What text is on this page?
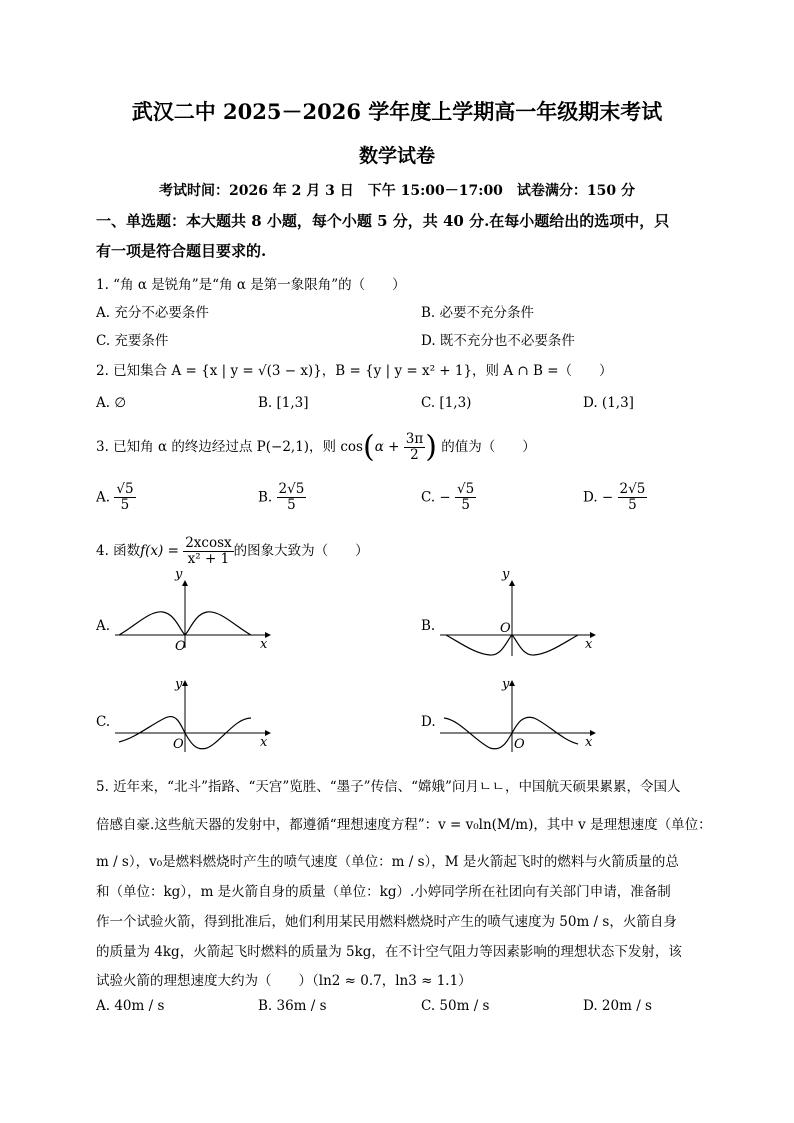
武汉二中 2025－2026 学年度上学期高一年级期末考试
数学试卷
考试时间：2026 年 2 月 3 日　下午 15:00－17:00　试卷满分：150 分
一、单选题：本大题共 8 小题，每个小题 5 分，共 40 分.在每小题给出的选项中，只
有一项是符合题目要求的.
1. “角 α 是锐角”是“角 α 是第一象限角”的（　　）
A. 充分不必要条件	B. 必要不充分条件
C. 充要条件	D. 既不充分也不必要条件
2. 已知集合 A = {x | y = √(3 − x)}，B = {y | y = x² + 1}，则 A ∩ B =（　　）
A. ∅	B. [1,3]	C. [1,3)	D. (1,3]
3. 已知角 α 的终边经过点 P(−2,1)，则 $\cos(\alpha + \frac{3\pi}{2}$ ) 的值为（　　）
A. $\frac{√5}{5}$	B. $\frac{2√5}{5}$	C. − $\frac{√5}{5}$	D. − $\frac{2√5}{5}$
4. 函数$f(x) = \frac{2xcosx}{\text{x² + 1}}$ 的图象大致为（　　）
A.	B.
C.	D.
y
x
O
y
x
O
y
x
O
y
x
O
5. 近年来，“北斗”指路、“天宫”览胜、“墨子”传信、“嫦娥”问月ㄴㄴ，中国航天硕果累累，令国人
倍感自豪.这些航天器的发射中，都遵循“理想速度方程”：v = v₀ln(M/m)，其中 v 是理想速度（单位：
m / s），v₀是燃料燃烧时产生的喷气速度（单位：m / s），M 是火箭起飞时的燃料与火箭质量的总
和（单位：kg），m 是火箭自身的质量（单位：kg）.小婷同学所在社团向有关部门申请，准备制
作一个试验火箭，得到批准后，她们利用某民用燃料燃烧时产生的喷气速度为 50m / s，火箭自身
的质量为 4kg，火箭起飞时燃料的质量为 5kg，在不计空气阻力等因素影响的理想状态下发射，该
试验火箭的理想速度大约为（　　）（ln2 ≈ 0.7，ln3 ≈ 1.1）
A. 40m / s	B. 36m / s	C. 50m / s	D. 20m / s
